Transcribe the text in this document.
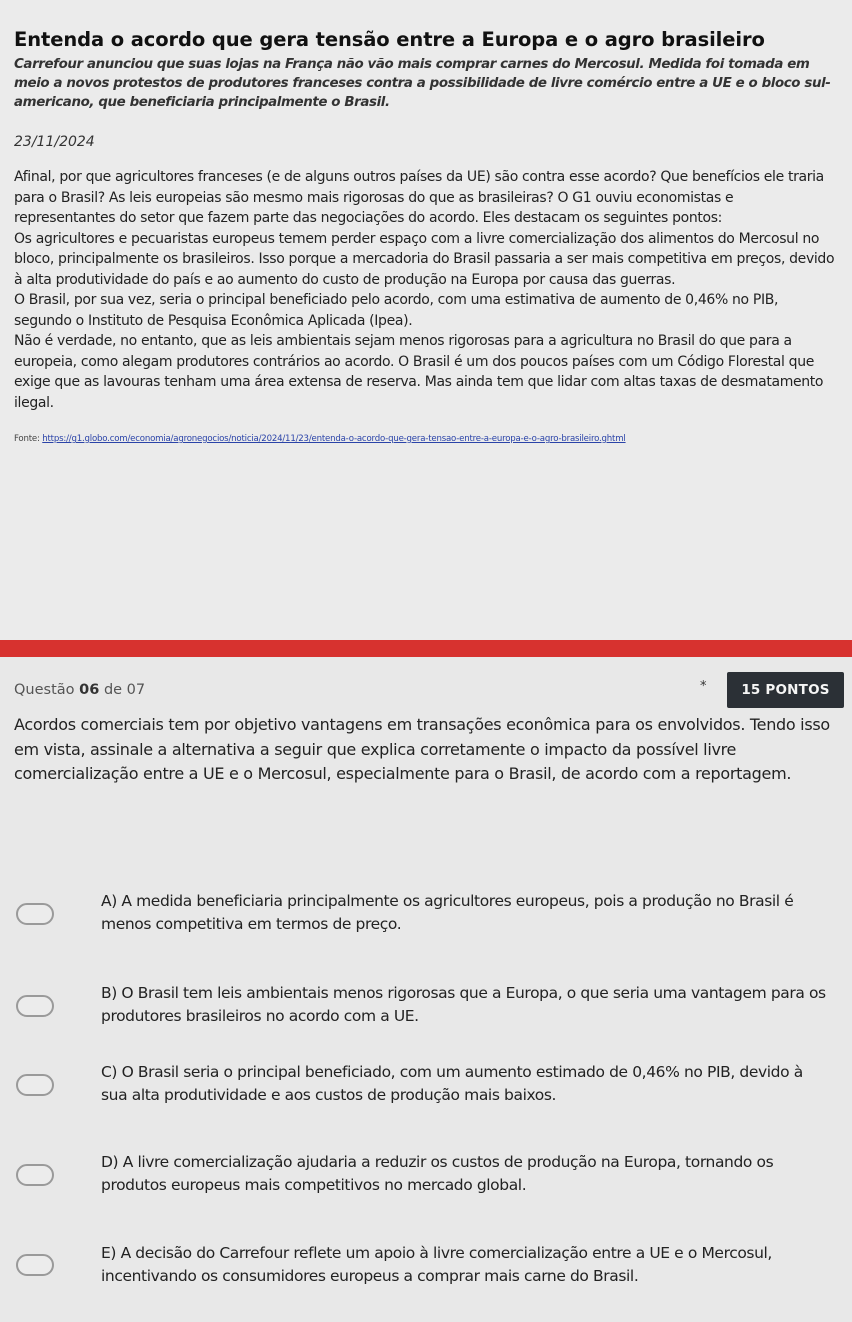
Entenda o acordo que gera tensão entre a Europa e o agro brasileiro

Carrefour anunciou que suas lojas na França não vão mais comprar carnes do Mercosul. Medida foi tomada em meio a novos protestos de produtores franceses contra a possibilidade de livre comércio entre a UE e o bloco sul-americano, que beneficiaria principalmente o Brasil.

23/11/2024

Afinal, por que agricultores franceses (e de alguns outros países da UE) são contra esse acordo? Que benefícios ele traria para o Brasil? As leis europeias são mesmo mais rigorosas do que as brasileiras? O G1 ouviu economistas e representantes do setor que fazem parte das negociações do acordo. Eles destacam os seguintes pontos:

Os agricultores e pecuaristas europeus temem perder espaço com a livre comercialização dos alimentos do Mercosul no bloco, principalmente os brasileiros. Isso porque a mercadoria do Brasil passaria a ser mais competitiva em preços, devido à alta produtividade do país e ao aumento do custo de produção na Europa por causa das guerras.

O Brasil, por sua vez, seria o principal beneficiado pelo acordo, com uma estimativa de aumento de 0,46% no PIB, segundo o Instituto de Pesquisa Econômica Aplicada (Ipea).

Não é verdade, no entanto, que as leis ambientais sejam menos rigorosas para a agricultura no Brasil do que para a europeia, como alegam produtores contrários ao acordo. O Brasil é um dos poucos países com um Código Florestal que exige que as lavouras tenham uma área extensa de reserva. Mas ainda tem que lidar com altas taxas de desmatamento ilegal.

Fonte: https://g1.globo.com/economia/agronegocios/noticia/2024/11/23/entenda-o-acordo-que-gera-tensao-entre-a-europa-e-o-agro-brasileiro.ghtml
Questão 06 de 07	*	15 PONTOS
Acordos comerciais tem por objetivo vantagens em transações econômica para os envolvidos. Tendo isso em vista, assinale a alternativa a seguir que explica corretamente o impacto da possível livre comercialização entre a UE e o Mercosul, especialmente para o Brasil, de acordo com a reportagem.
A) A medida beneficiaria principalmente os agricultores europeus, pois a produção no Brasil é menos competitiva em termos de preço.
B) O Brasil tem leis ambientais menos rigorosas que a Europa, o que seria uma vantagem para os produtores brasileiros no acordo com a UE.
C) O Brasil seria o principal beneficiado, com um aumento estimado de 0,46% no PIB, devido à sua alta produtividade e aos custos de produção mais baixos.
D) A livre comercialização ajudaria a reduzir os custos de produção na Europa, tornando os produtos europeus mais competitivos no mercado global.
E) A decisão do Carrefour reflete um apoio à livre comercialização entre a UE e o Mercosul, incentivando os consumidores europeus a comprar mais carne do Brasil.
